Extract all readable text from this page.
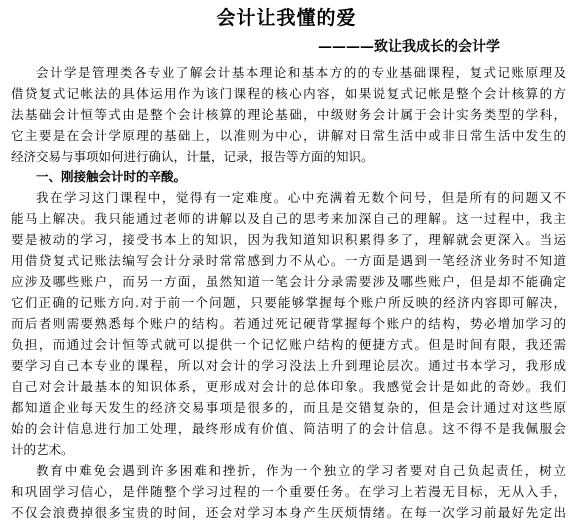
会计让我懂的爱
————致让我成长的会计学
会计学是管理类各专业了解会计基本理论和基本方的的专业基础课程，复式记账原理及
借贷复式记帐法的具体运用作为该门课程的核心内容，如果说复式记帐是整个会计核算的方
法基础会计恒等式由是整个会计核算的理论基础，中级财务会计属于会计实务类型的学科，
它主要是在会计学原理的基础上，以准则为中心，讲解对日常生活中或非日常生活中发生的
经济交易与事项如何进行确认，计量，记录，报告等方面的知识。
一、刚接触会计时的辛酸。
我在学习这门课程中，觉得有一定难度。心中充满着无数个问号，但是所有的问题又不
能马上解决。我只能通过老师的讲解以及自己的思考来加深自己的理解。这一过程中，我主
要是被动的学习，接受书本上的知识，因为我知道知识积累得多了，理解就会更深入。当运
用借贷复式记账法编写会计分录时常常感到力不从心。一方面是遇到一笔经济业务时不知道
应涉及哪些账户，而另一方面，虽然知道一笔会计分录需要涉及哪些账户，但是却不能确定
它们正确的记账方向.对于前一个问题，只要能够掌握每个账户所反映的经济内容即可解决，
而后者则需要熟悉每个账户的结构。若通过死记硬背掌握每个账户的结构，势必增加学习的
负担，而通过会计恒等式就可以提供一个记忆账户结构的便捷方式。但是时间有限，我还需
要学习自己本专业的课程，所以对会计的学习没法上升到理论层次。通过书本学习，我形成
自己对会计最基本的知识体系，更形成对会计的总体印象。我感觉会计是如此的奇妙。我们
都知道企业每天发生的经济交易事项是很多的，而且是交错复杂的，但是会计通过对这些原
始的会计信息进行加工处理，最终形成有价值、简洁明了的会计信息。这不得不是我佩服会
计的艺术。
教育中难免会遇到许多困难和挫折，作为一个独立的学习者要对自己负起责任，树立
和巩固学习信心，是伴随整个学习过程的一个重要任务。在学习上若漫无目标，无从入手，
不仅会浪费掉很多宝贵的时间，还会对学习本身产生厌烦情绪。在每一次学习前最好先定出
